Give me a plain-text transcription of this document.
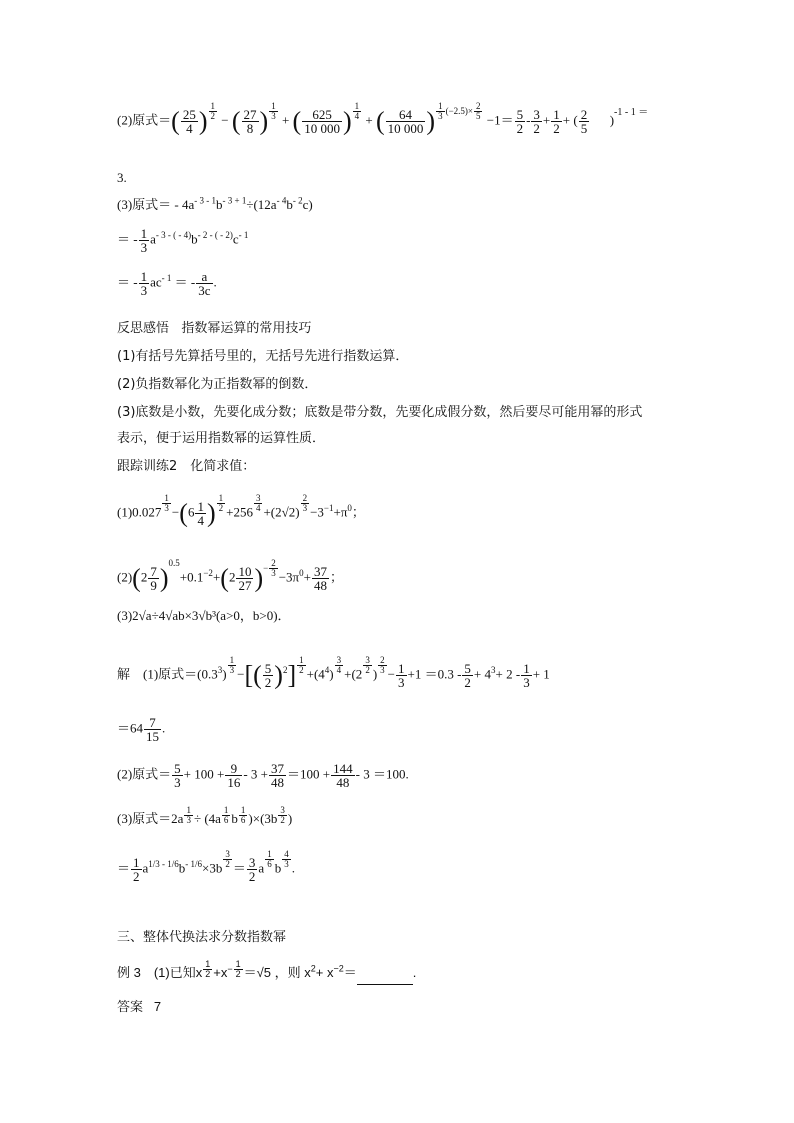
(2)原式＝( $\frac{25}{4}$ ) $^{\frac{1}{2}}$ − ( $\frac{27}{8}$ ) $^{\frac{1}{3}}$ + ( $\frac{625}{10 000}$ ) $^{\frac{1}{4}}$ + ( $\frac{64}{10 000}$ ) $^{\frac{1}{3} (-2.5)\times \frac{2}{5}} -1= \frac{5}{2} - \frac{3}{2} + \frac{1}{2}$ + ( $\frac{2}{5} )^{-1 - 1 =}$
3.
(3)原式＝ - $4a^{- 3 - 1}b^{- 3 + 1}\div(12a^{- 4}b^{- 2}c)$
＝ - $\frac{1}{3} a^{- 3 - ( - 4)}b^{- 2 - ( - 2)}c^{- 1}$
＝ - $\frac{1}{3} ac^{- 1}$ ＝ - $\frac{a}{3c}$ .
反思感悟 指数幂运算的常用技巧
(1)有括号先算括号里的，无括号先进行指数运算．
(2)负指数幂化为正指数幂的倒数．
(3)底数是小数，先要化成分数；底数是带分数，先要化成假分数，然后要尽可能用幂的形式
表示，便于运用指数幂的运算性质．
跟踪训练2　化简求值：
(1)0.027 $^{\frac{1}{3}} -(6 \frac{1}{4}$ ) $^{\frac{1}{2}}$ +256 $^{\frac{3}{4}}$ +(2√2) $^{\frac{2}{3}} -3^{-1}+\pi^0$；
$(2)(2 \frac{7}{9} )^{0.5}+0.1^{-2}+(2 \frac{10}{27} )^{- \frac{2}{3}} -3\pi^0+ \frac{37}{48}$ ；
(3)2√a÷4√ab×3√b³(a>0，b>0)．
解　(1)原式$=(0.3^3)$ $^{\frac{1}{3}}$ −[( $\frac{5}{2} )^2$] $^{\frac{1}{2}} +(4^4)$ $^{\frac{3}{4}}$ +(2 $^{\frac{3}{2}}$ ) $^{\frac{2}{3}} - \frac{1}{3} +1 =0.3 - \frac{5}{2} + 4^3+ 2 - \frac{1}{3} + 1$
$=64 \frac{7}{15}$ .
(2)原式＝ $\frac{5}{3} + 100 + \frac{9}{16} - 3 + \frac{37}{48} =100 + \frac{144}{48} - 3 =100$.
(3)原式＝2a $^{\frac{1}{3}}$ ÷ (4a $^{\frac{1}{6}}$ b $^{\frac{1}{6}}$ )×(3b $^{\frac{3}{2}}$ )
＝ $\frac{1}{2} a^{1/3 - 1/6}b^{- 1/6}\times 3b$ $^{\frac{3}{2}} = \frac{3}{2}$ a $^{\frac{1}{6}}$ b $^{\frac{4}{3}}$ .
三、整体代换法求分数指数幂
例 3　(1)已知x $^{\frac{1}{2}} +x^{- \frac{1}{2}} =√5$ ，则 $x^2+ x^{-2}=$	.
答案 7
